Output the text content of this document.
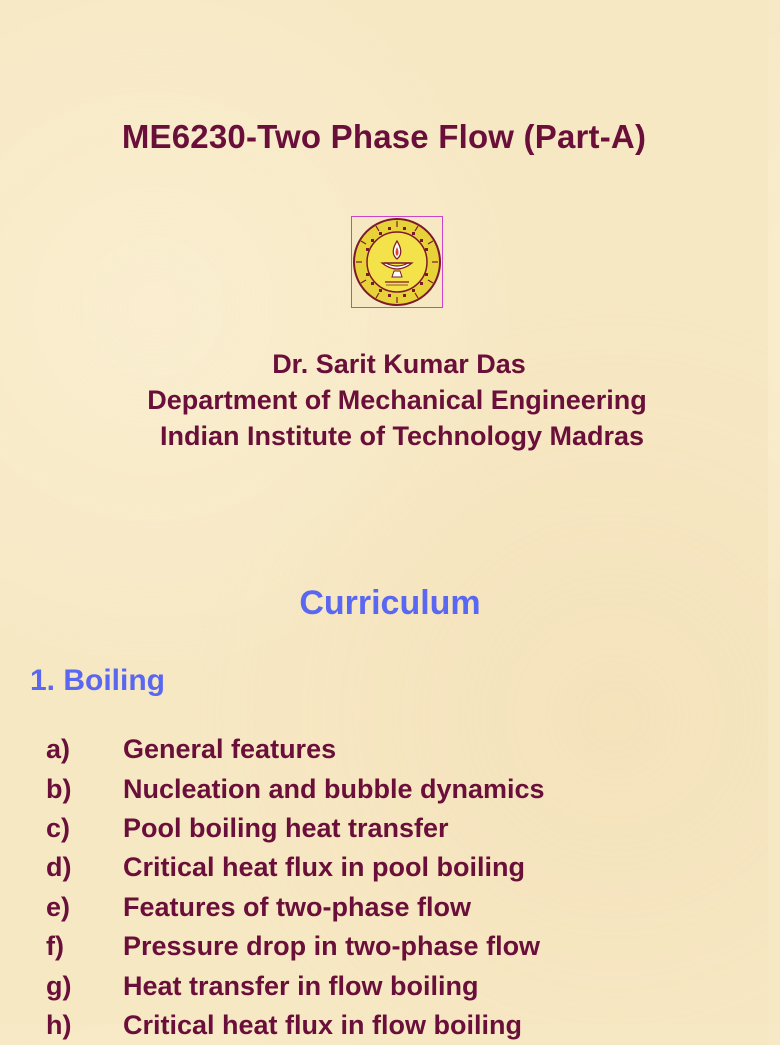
ME6230-Two Phase Flow (Part-A)
Dr. Sarit Kumar Das
Department of Mechanical Engineering
Indian Institute of Technology Madras
Curriculum
1. Boiling
a)	General features
b)	Nucleation and bubble dynamics
c)	Pool boiling heat transfer
d)	Critical heat flux in pool boiling
e)	Features of two-phase flow
f)	Pressure drop in two-phase flow
g)	Heat transfer in flow boiling
h)	Critical heat flux in flow boiling
